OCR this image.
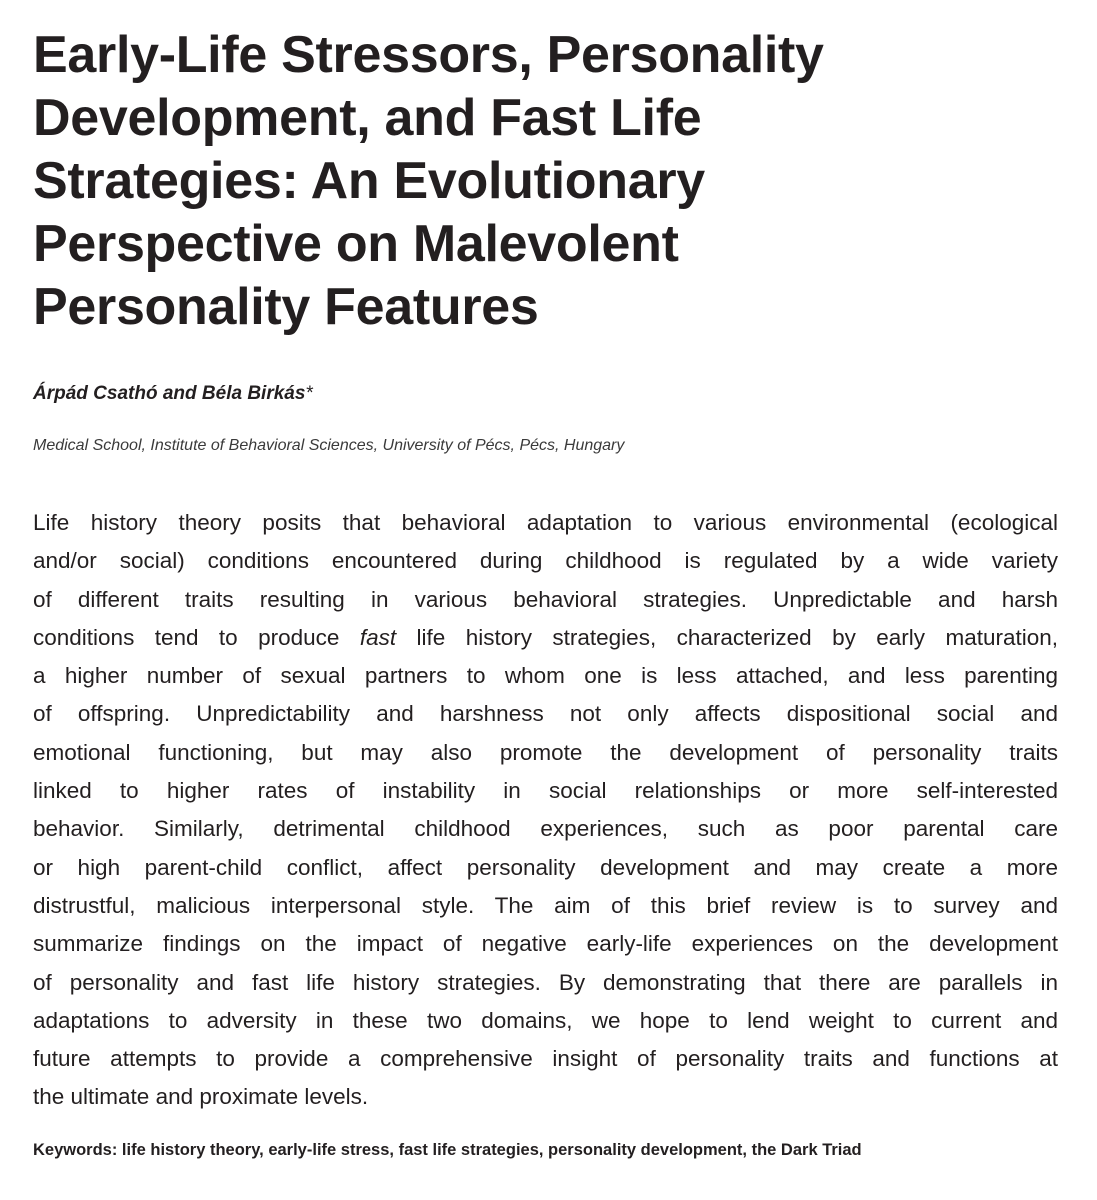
Early-Life Stressors, Personality
Development, and Fast Life
Strategies: An Evolutionary
Perspective on Malevolent
Personality Features

Árpád Csathó and Béla Birkás*

Medical School, Institute of Behavioral Sciences, University of Pécs, Pécs, Hungary

Life history theory posits that behavioral adaptation to various environmental (ecological
and/or social) conditions encountered during childhood is regulated by a wide variety
of different traits resulting in various behavioral strategies. Unpredictable and harsh
conditions tend to produce fast life history strategies, characterized by early maturation,
a higher number of sexual partners to whom one is less attached, and less parenting
of offspring. Unpredictability and harshness not only affects dispositional social and
emotional functioning, but may also promote the development of personality traits
linked to higher rates of instability in social relationships or more self-interested
behavior. Similarly, detrimental childhood experiences, such as poor parental care
or high parent-child conflict, affect personality development and may create a more
distrustful, malicious interpersonal style. The aim of this brief review is to survey and
summarize findings on the impact of negative early-life experiences on the development
of personality and fast life history strategies. By demonstrating that there are parallels in
adaptations to adversity in these two domains, we hope to lend weight to current and
future attempts to provide a comprehensive insight of personality traits and functions at
the ultimate and proximate levels.

Keywords: life history theory, early-life stress, fast life strategies, personality development, the Dark Triad
